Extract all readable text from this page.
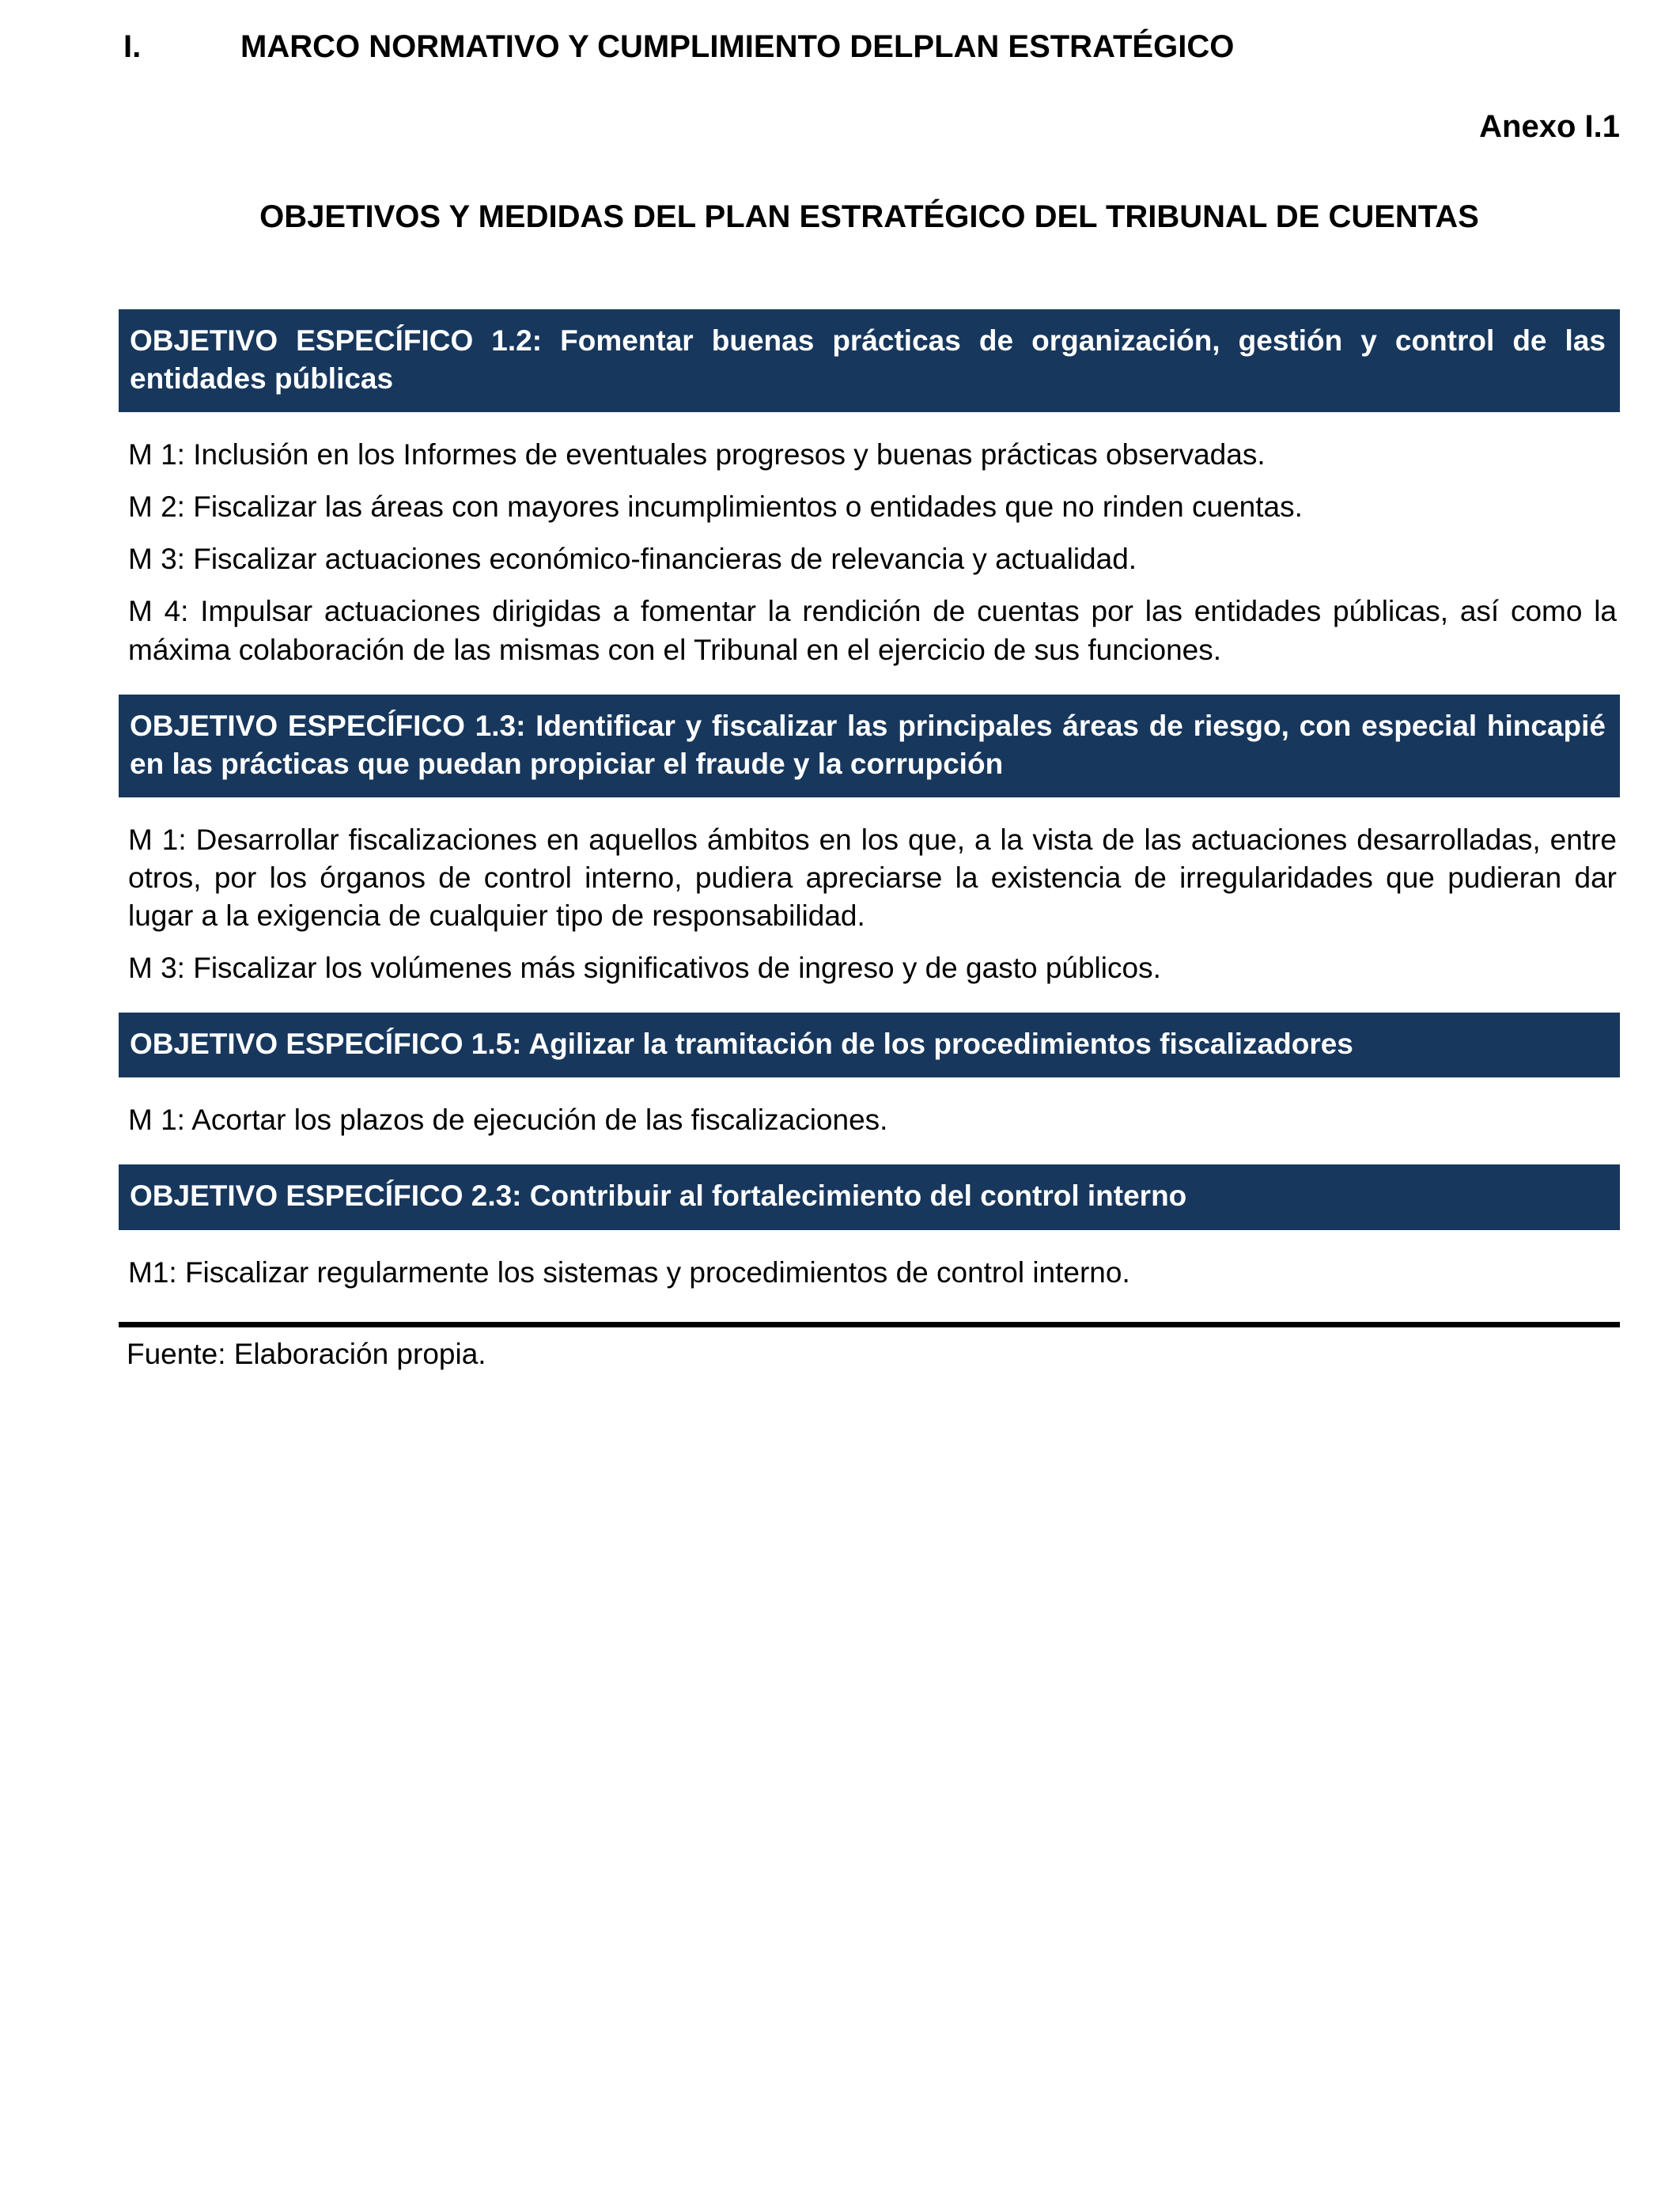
I.	MARCO NORMATIVO Y CUMPLIMIENTO DELPLAN ESTRATÉGICO
Anexo I.1
OBJETIVOS Y MEDIDAS DEL PLAN ESTRATÉGICO DEL TRIBUNAL DE CUENTAS
OBJETIVO ESPECÍFICO 1.2: Fomentar buenas prácticas de organización, gestión y control de las entidades públicas

M 1: Inclusión en los Informes de eventuales progresos y buenas prácticas observadas.

M 2: Fiscalizar las áreas con mayores incumplimientos o entidades que no rinden cuentas.

M 3: Fiscalizar actuaciones económico-financieras de relevancia y actualidad.

M 4: Impulsar actuaciones dirigidas a fomentar la rendición de cuentas por las entidades públicas, así como la máxima colaboración de las mismas con el Tribunal en el ejercicio de sus funciones.

OBJETIVO ESPECÍFICO 1.3: Identificar y fiscalizar las principales áreas de riesgo, con especial hincapié en las prácticas que puedan propiciar el fraude y la corrupción

M 1: Desarrollar fiscalizaciones en aquellos ámbitos en los que, a la vista de las actuaciones desarrolladas, entre otros, por los órganos de control interno, pudiera apreciarse la existencia de irregularidades que pudieran dar lugar a la exigencia de cualquier tipo de responsabilidad.

M 3: Fiscalizar los volúmenes más significativos de ingreso y de gasto públicos.

OBJETIVO ESPECÍFICO 1.5: Agilizar la tramitación de los procedimientos fiscalizadores

M 1: Acortar los plazos de ejecución de las fiscalizaciones.

OBJETIVO ESPECÍFICO 2.3: Contribuir al fortalecimiento del control interno

M1: Fiscalizar regularmente los sistemas y procedimientos de control interno.

Fuente: Elaboración propia.
